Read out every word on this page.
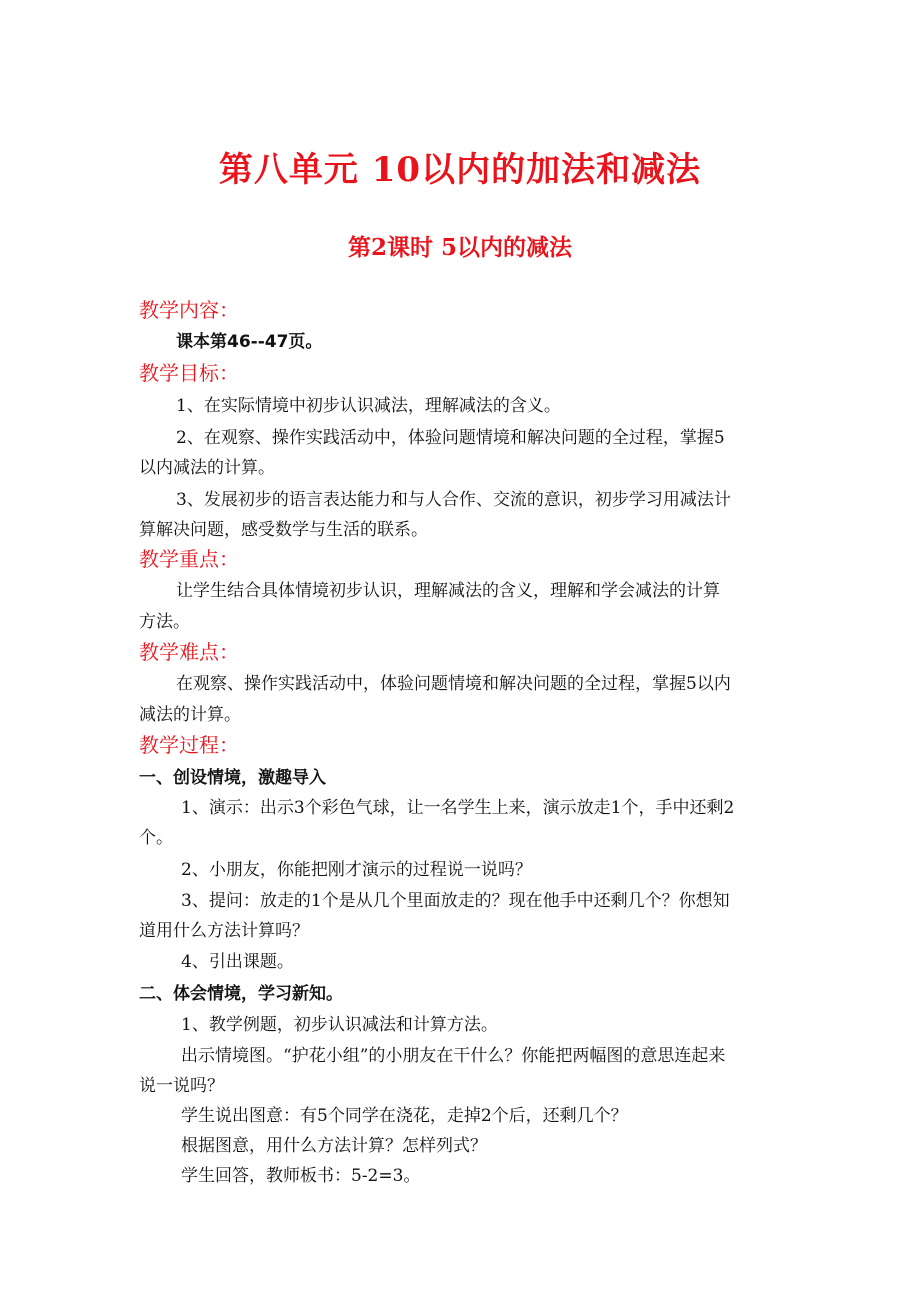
第八单元 10以内的加法和减法
第2课时 5以内的减法
教学内容：
课本第46--47页。
教学目标：
1、在实际情境中初步认识减法，理解减法的含义。
2、在观察、操作实践活动中，体验问题情境和解决问题的全过程，掌握5
以内减法的计算。
3、发展初步的语言表达能力和与人合作、交流的意识，初步学习用减法计
算解决问题，感受数学与生活的联系。
教学重点：
让学生结合具体情境初步认识，理解减法的含义，理解和学会减法的计算
方法。
教学难点：
在观察、操作实践活动中，体验问题情境和解决问题的全过程，掌握5以内
减法的计算。
教学过程：
一、创设情境，激趣导入
1、演示：出示3个彩色气球，让一名学生上来，演示放走1个，手中还剩2
个。
2、小朋友，你能把刚才演示的过程说一说吗？
3、提问：放走的1个是从几个里面放走的？现在他手中还剩几个？你想知
道用什么方法计算吗？
4、引出课题。
二、体会情境，学习新知。
1、教学例题，初步认识减法和计算方法。
出示情境图。“护花小组”的小朋友在干什么？你能把两幅图的意思连起来
说一说吗？
学生说出图意：有5个同学在浇花，走掉2个后，还剩几个？
根据图意，用什么方法计算？怎样列式？
学生回答，教师板书：5-2=3。
